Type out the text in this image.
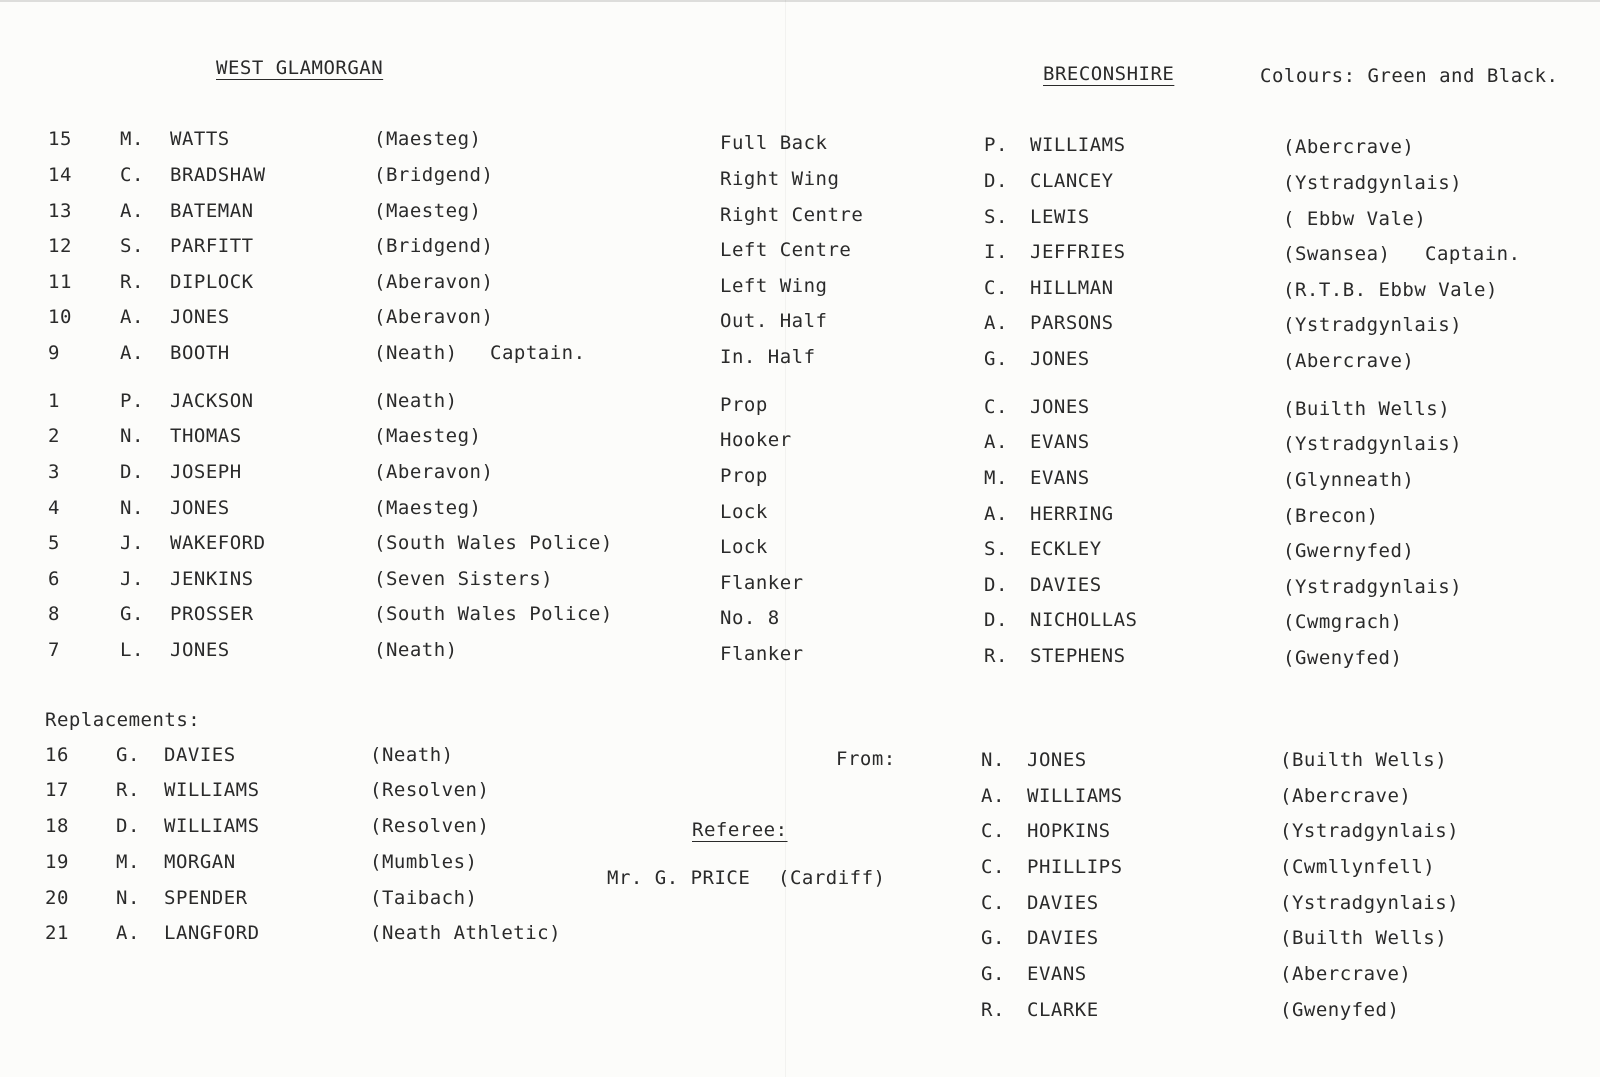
WEST GLAMORGAN	BRECONSHIRE	Colours: Green and Black.
Replacements:
From:
Referee:
Mr. G. PRICE (Cardiff)
15	M. WATTS	(Maesteg)	Full Back	P. WILLIAMS	(Abercrave)
14	C. BRADSHAW	(Bridgend)	Right Wing	D. CLANCEY	(Ystradgynlais)
13	A. BATEMAN	(Maesteg)	Right Centre	S. LEWIS	( Ebbw Vale)
12	S. PARFITT	(Bridgend)	Left Centre	I. JEFFRIES	(Swansea) Captain.
11	R. DIPLOCK	(Aberavon)	Left Wing	C. HILLMAN	(R.T.B. Ebbw Vale)
10	A. JONES	(Aberavon)	Out. Half	A. PARSONS	(Ystradgynlais)
9	A. BOOTH	(Neath) Captain.	In. Half	G. JONES	(Abercrave)
1	P. JACKSON	(Neath)	Prop	C. JONES	(Builth Wells)
2	N. THOMAS	(Maesteg)	Hooker	A. EVANS	(Ystradgynlais)
3	D. JOSEPH	(Aberavon)	Prop	M. EVANS	(Glynneath)
4	N. JONES	(Maesteg)	Lock	A. HERRING	(Brecon)
5	J. WAKEFORD	(South Wales Police)	Lock	S. ECKLEY	(Gwernyfed)
6	J. JENKINS	(Seven Sisters)	Flanker	D. DAVIES	(Ystradgynlais)
8	G. PROSSER	(South Wales Police)	No. 8	D. NICHOLLAS	(Cwmgrach)
7	L. JONES	(Neath)	Flanker	R. STEPHENS	(Gwenyfed)
16 G. DAVIES	(Neath)
17 R. WILLIAMS	(Resolven)
18 D. WILLIAMS	(Resolven)
19 M. MORGAN	(Mumbles)
20 N. SPENDER	(Taibach)
21 A. LANGFORD	(Neath Athletic)
N. JONES	(Builth Wells)
A. WILLIAMS	(Abercrave)
C. HOPKINS	(Ystradgynlais)
C. PHILLIPS	(Cwmllynfell)
C. DAVIES	(Ystradgynlais)
G. DAVIES	(Builth Wells)
G. EVANS	(Abercrave)
R. CLARKE	(Gwenyfed)
